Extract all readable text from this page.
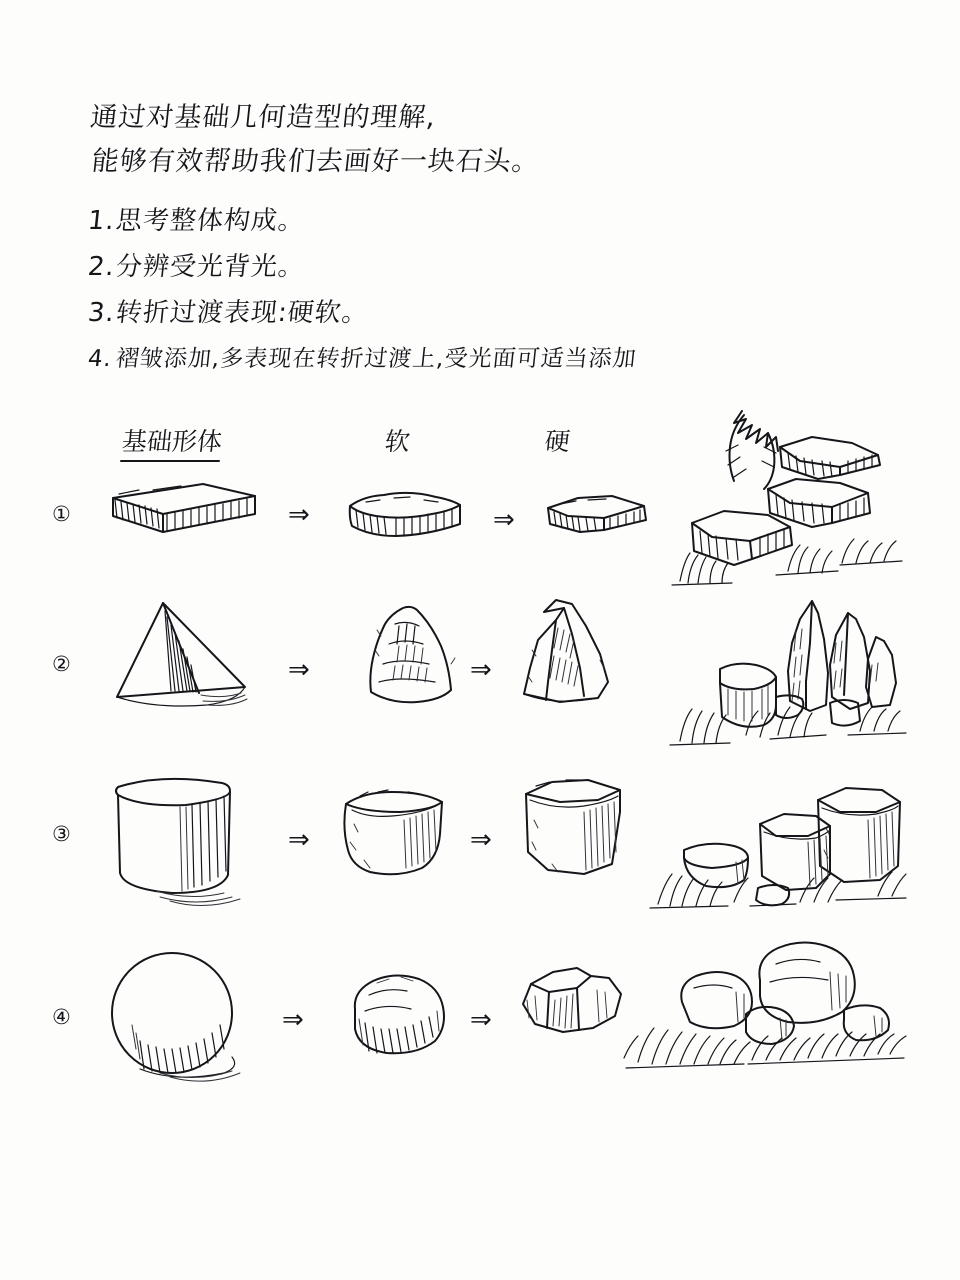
通过对基础几何造型的理解,
能够有效帮助我们去画好一块石头。
1.思考整体构成。
2.分辨受光背光。
3.转折过渡表现:硬软。
4.褶皱添加,多表现在转折过渡上,受光面可适当添加
基础形体	软	硬
①	⇒	⇒
②	⇒	⇒
③	⇒	⇒
④	⇒	⇒
